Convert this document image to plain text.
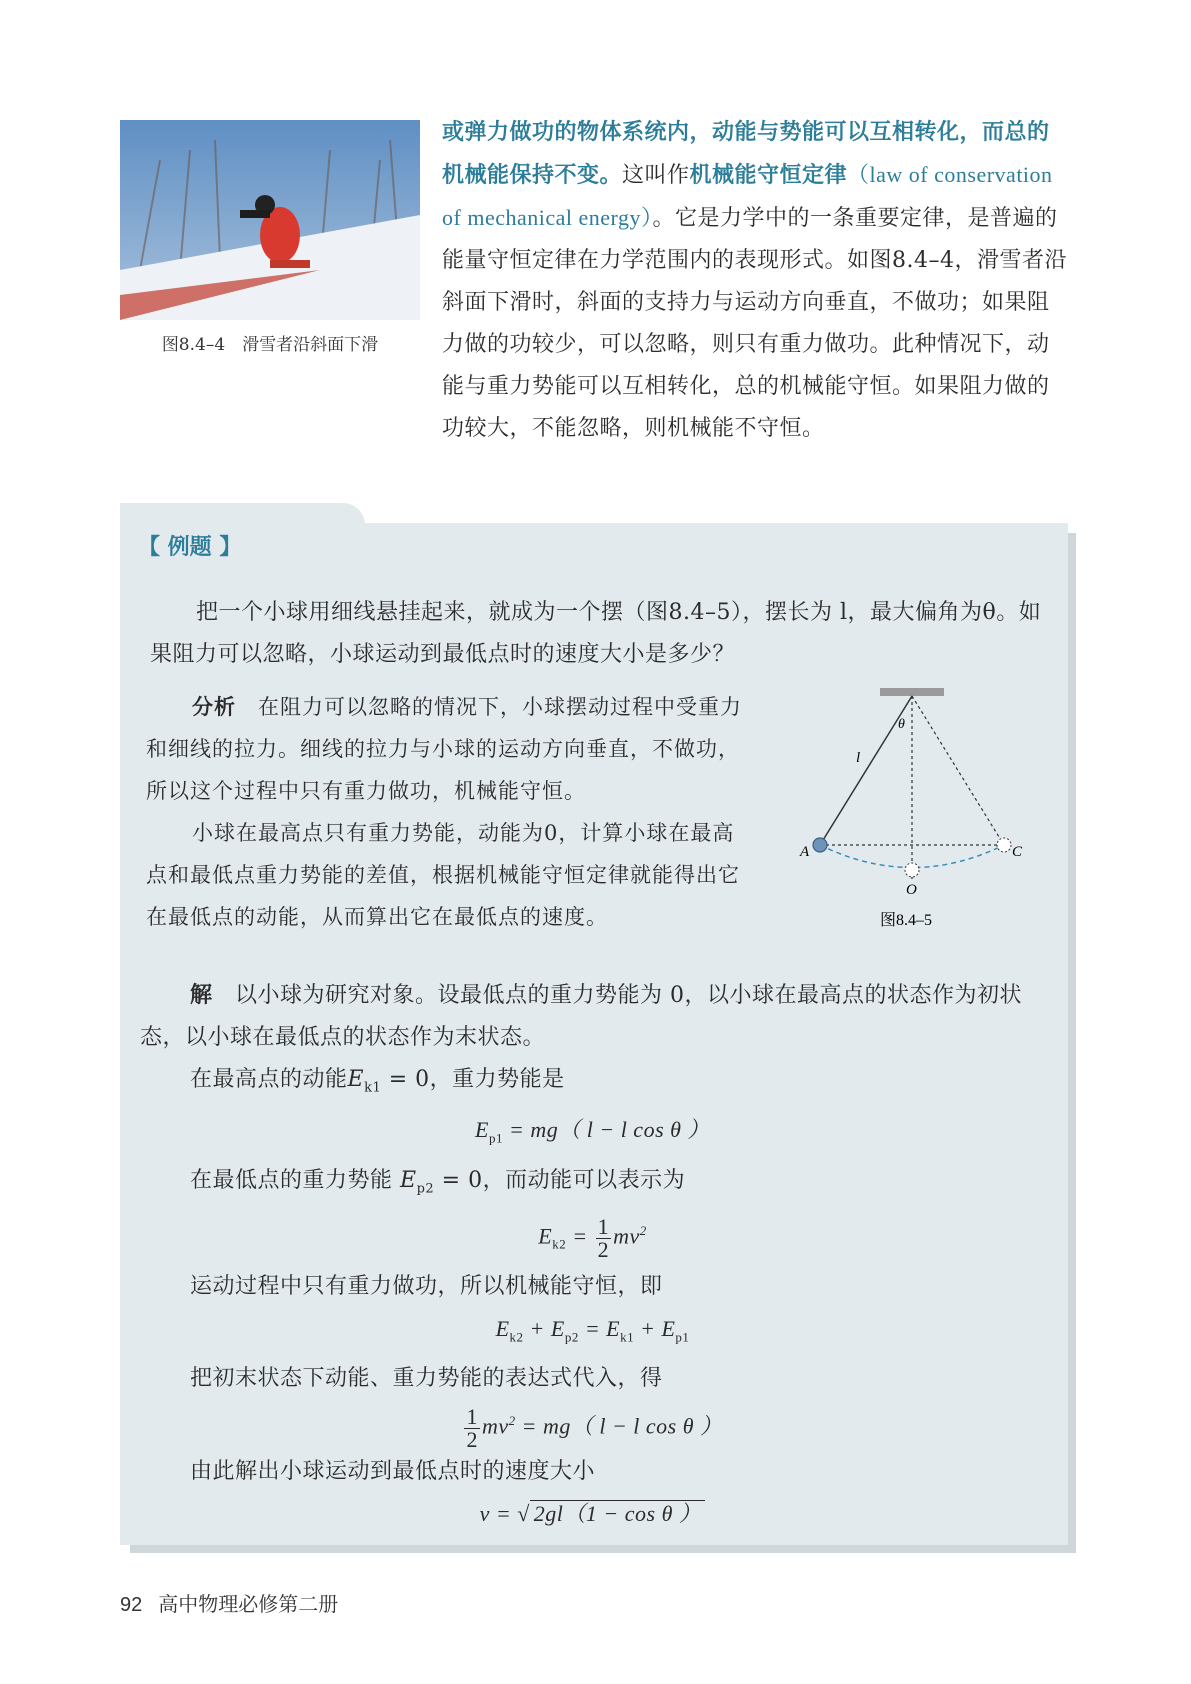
图8.4–4　滑雪者沿斜面下滑
或弹力做功的物体系统内，动能与势能可以互相转化，而总的机械能保持不变。这叫作机械能守恒定律（law of conservation of mechanical energy）。它是力学中的一条重要定律，是普遍的能量守恒定律在力学范围内的表现形式。如图8.4–4，滑雪者沿斜面下滑时，斜面的支持力与运动方向垂直，不做功；如果阻力做的功较少，可以忽略，则只有重力做功。此种情况下，动能与重力势能可以互相转化，总的机械能守恒。如果阻力做的功较大，不能忽略，则机械能不守恒。
【 例题 】
把一个小球用细线悬挂起来，就成为一个摆（图8.4–5），摆长为 l，最大偏角为θ。如果阻力可以忽略，小球运动到最低点时的速度大小是多少？

分析　 在阻力可以忽略的情况下，小球摆动过程中受重力和细线的拉力。细线的拉力与小球的运动方向垂直，不做功，所以这个过程中只有重力做功，机械能守恒。

小球在最高点只有重力势能，动能为0，计算小球在最高点和最低点重力势能的差值，根据机械能守恒定律就能得出它在最低点的动能，从而算出它在最低点的速度。

A	C
O
l
θ
图8.4–5

解　 以小球为研究对象。设最低点的重力势能为 0，以小球在最高点的状态作为初状态，以小球在最低点的状态作为末状态。

在最高点的动能$E_{k1} = 0$，重力势能是

$E_{p1} = mg$（ l − l cos θ ）

在最低点的重力势能 $E_{p2} = 0$，而动能可以表示为

$E_{k2} = \frac{1}{2} mv^2$

运动过程中只有重力做功，所以机械能守恒，即

$E_{k2} + E_{p2} = E_{k1} + E_{p1}$

把初末状态下动能、重力势能的表达式代入，得

$\frac{1}{2} mv^2 = mg$（ l − l cos θ ）

由此解出小球运动到最低点时的速度大小

v = √ 2gl（1 − cos θ ）

92 高中物理必修第二册
